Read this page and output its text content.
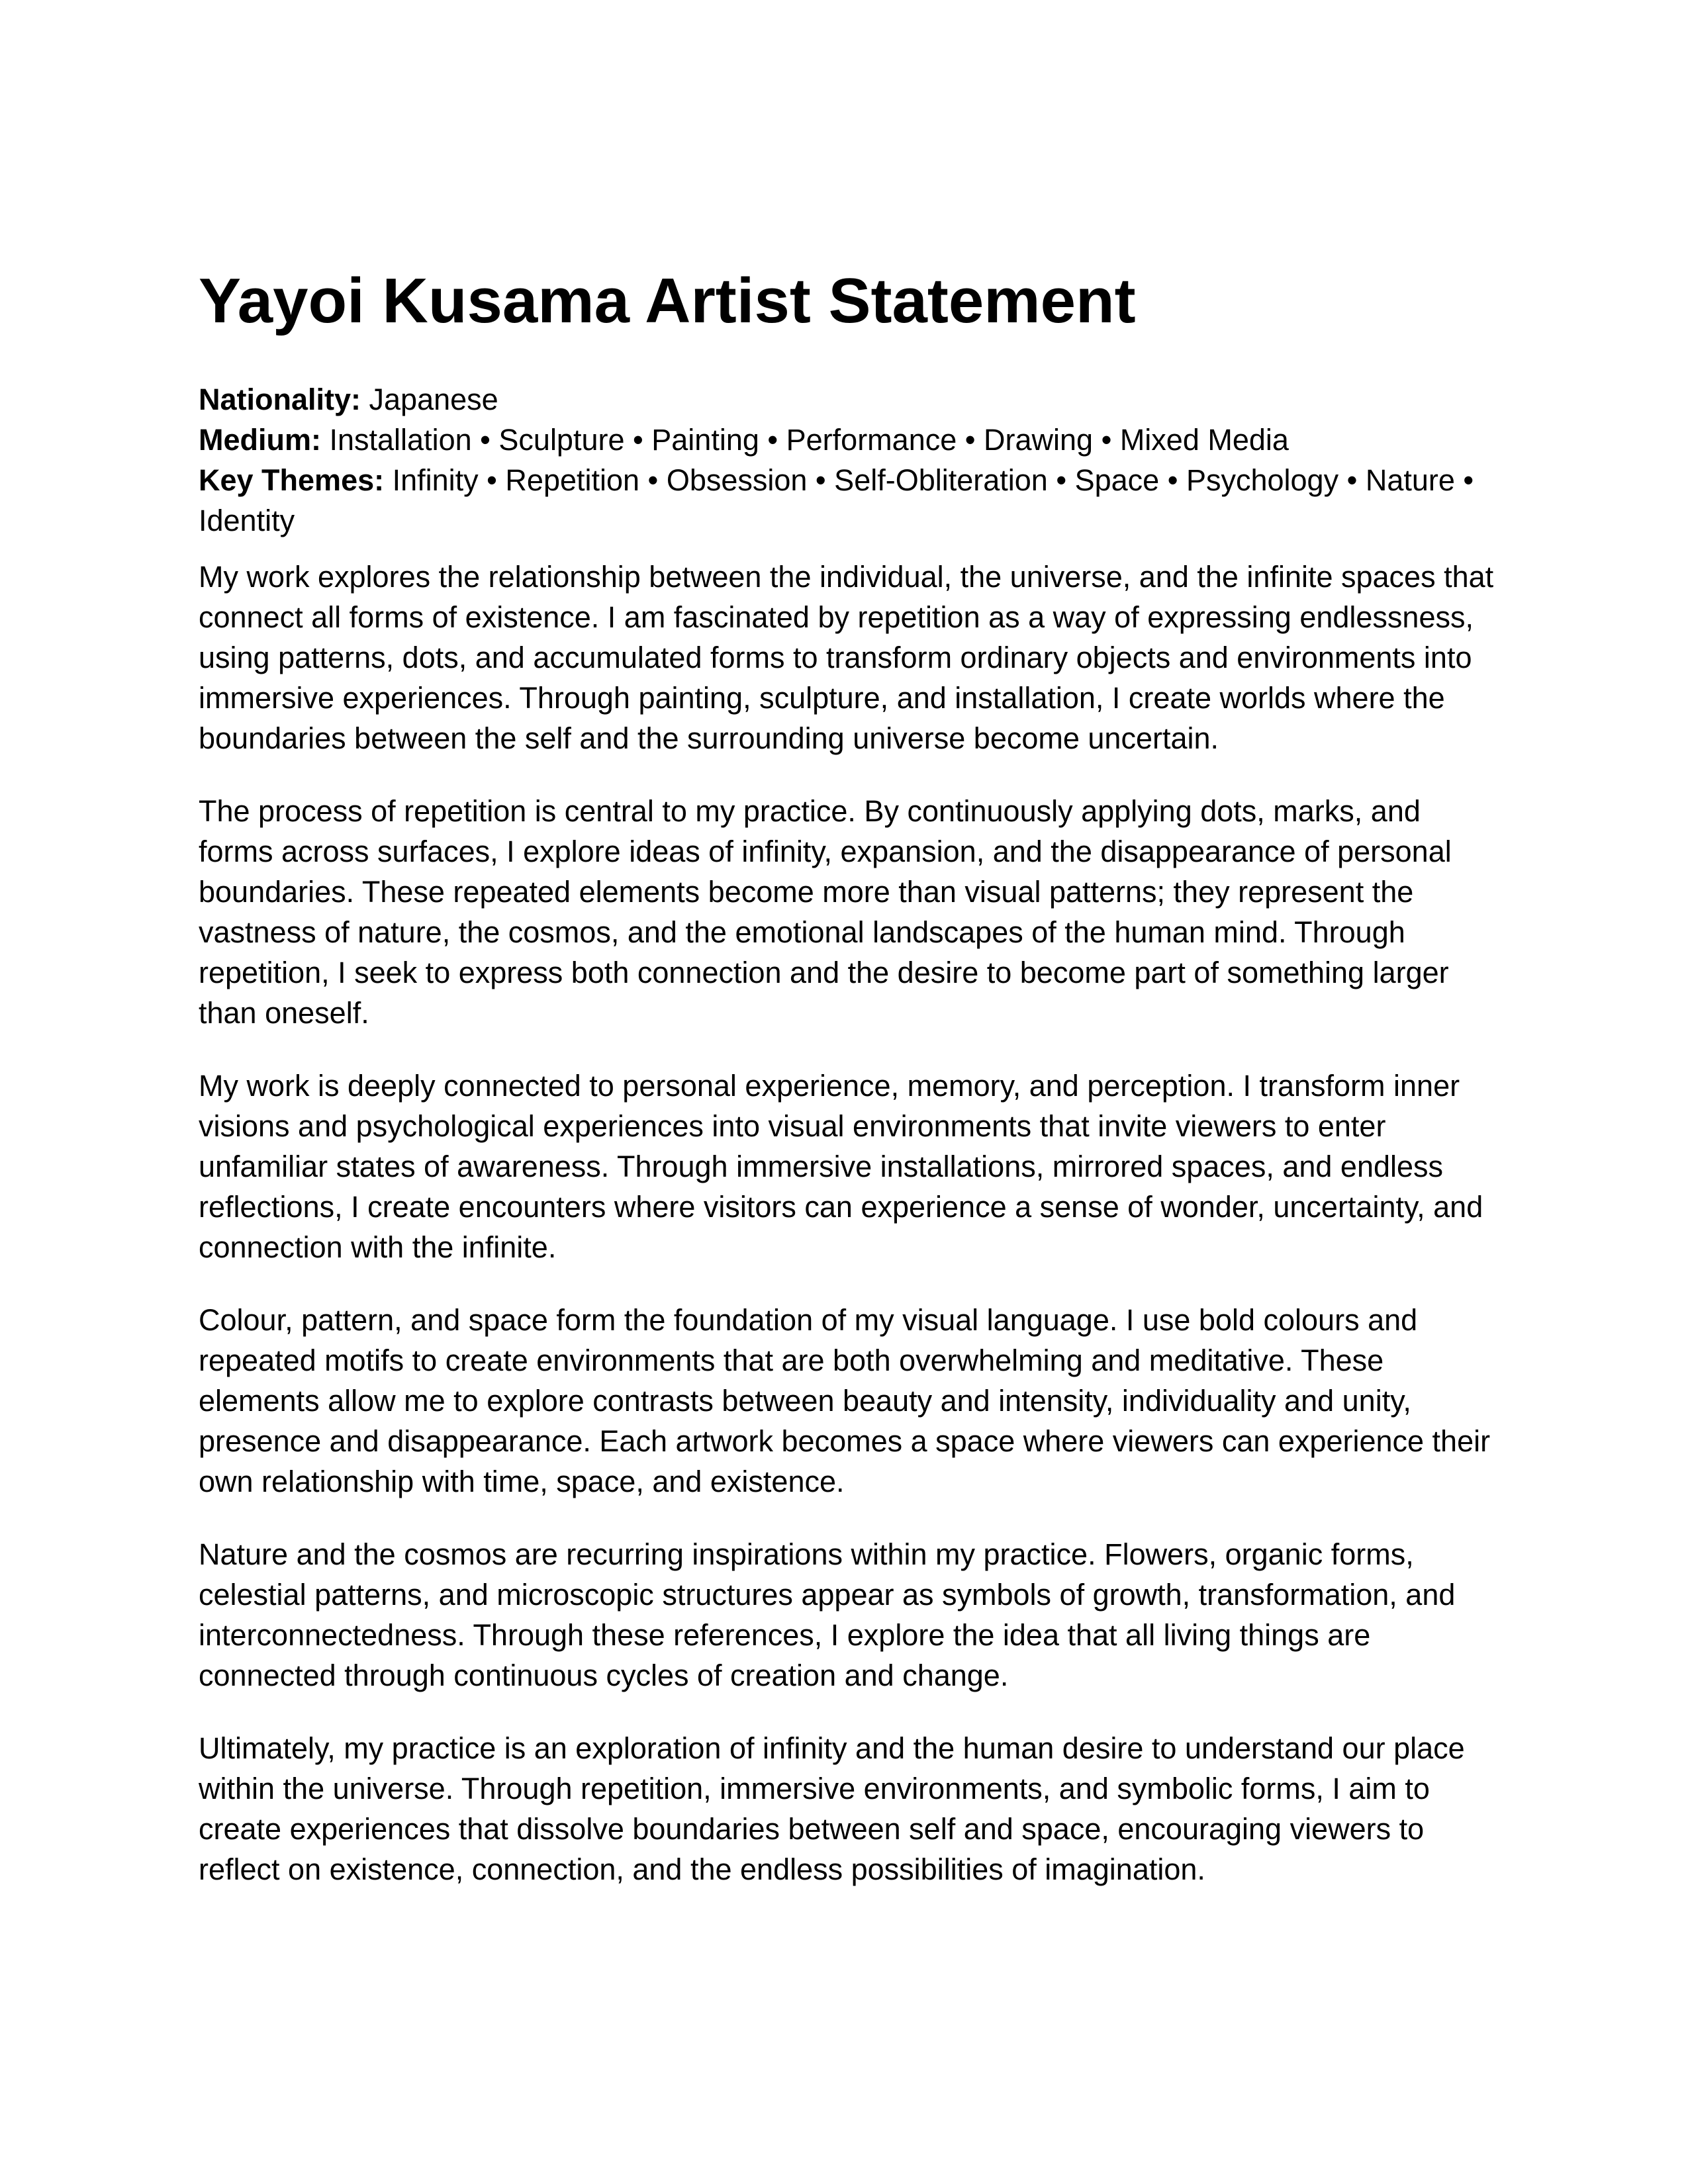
Yayoi Kusama Artist Statement
Nationality: Japanese
Medium: Installation • Sculpture • Painting • Performance • Drawing • Mixed Media
Key Themes: Infinity • Repetition • Obsession • Self-Obliteration • Space • Psychology • Nature • Identity

My work explores the relationship between the individual, the universe, and the infinite spaces that connect all forms of existence. I am fascinated by repetition as a way of expressing endlessness, using patterns, dots, and accumulated forms to transform ordinary objects and environments into immersive experiences. Through painting, sculpture, and installation, I create worlds where the boundaries between the self and the surrounding universe become uncertain.

The process of repetition is central to my practice. By continuously applying dots, marks, and forms across surfaces, I explore ideas of infinity, expansion, and the disappearance of personal boundaries. These repeated elements become more than visual patterns; they represent the vastness of nature, the cosmos, and the emotional landscapes of the human mind. Through repetition, I seek to express both connection and the desire to become part of something larger than oneself.

My work is deeply connected to personal experience, memory, and perception. I transform inner visions and psychological experiences into visual environments that invite viewers to enter unfamiliar states of awareness. Through immersive installations, mirrored spaces, and endless reflections, I create encounters where visitors can experience a sense of wonder, uncertainty, and connection with the infinite.

Colour, pattern, and space form the foundation of my visual language. I use bold colours and repeated motifs to create environments that are both overwhelming and meditative. These elements allow me to explore contrasts between beauty and intensity, individuality and unity, presence and disappearance. Each artwork becomes a space where viewers can experience their own relationship with time, space, and existence.

Nature and the cosmos are recurring inspirations within my practice. Flowers, organic forms, celestial patterns, and microscopic structures appear as symbols of growth, transformation, and interconnectedness. Through these references, I explore the idea that all living things are connected through continuous cycles of creation and change.

Ultimately, my practice is an exploration of infinity and the human desire to understand our place within the universe. Through repetition, immersive environments, and symbolic forms, I aim to create experiences that dissolve boundaries between self and space, encouraging viewers to reflect on existence, connection, and the endless possibilities of imagination.
